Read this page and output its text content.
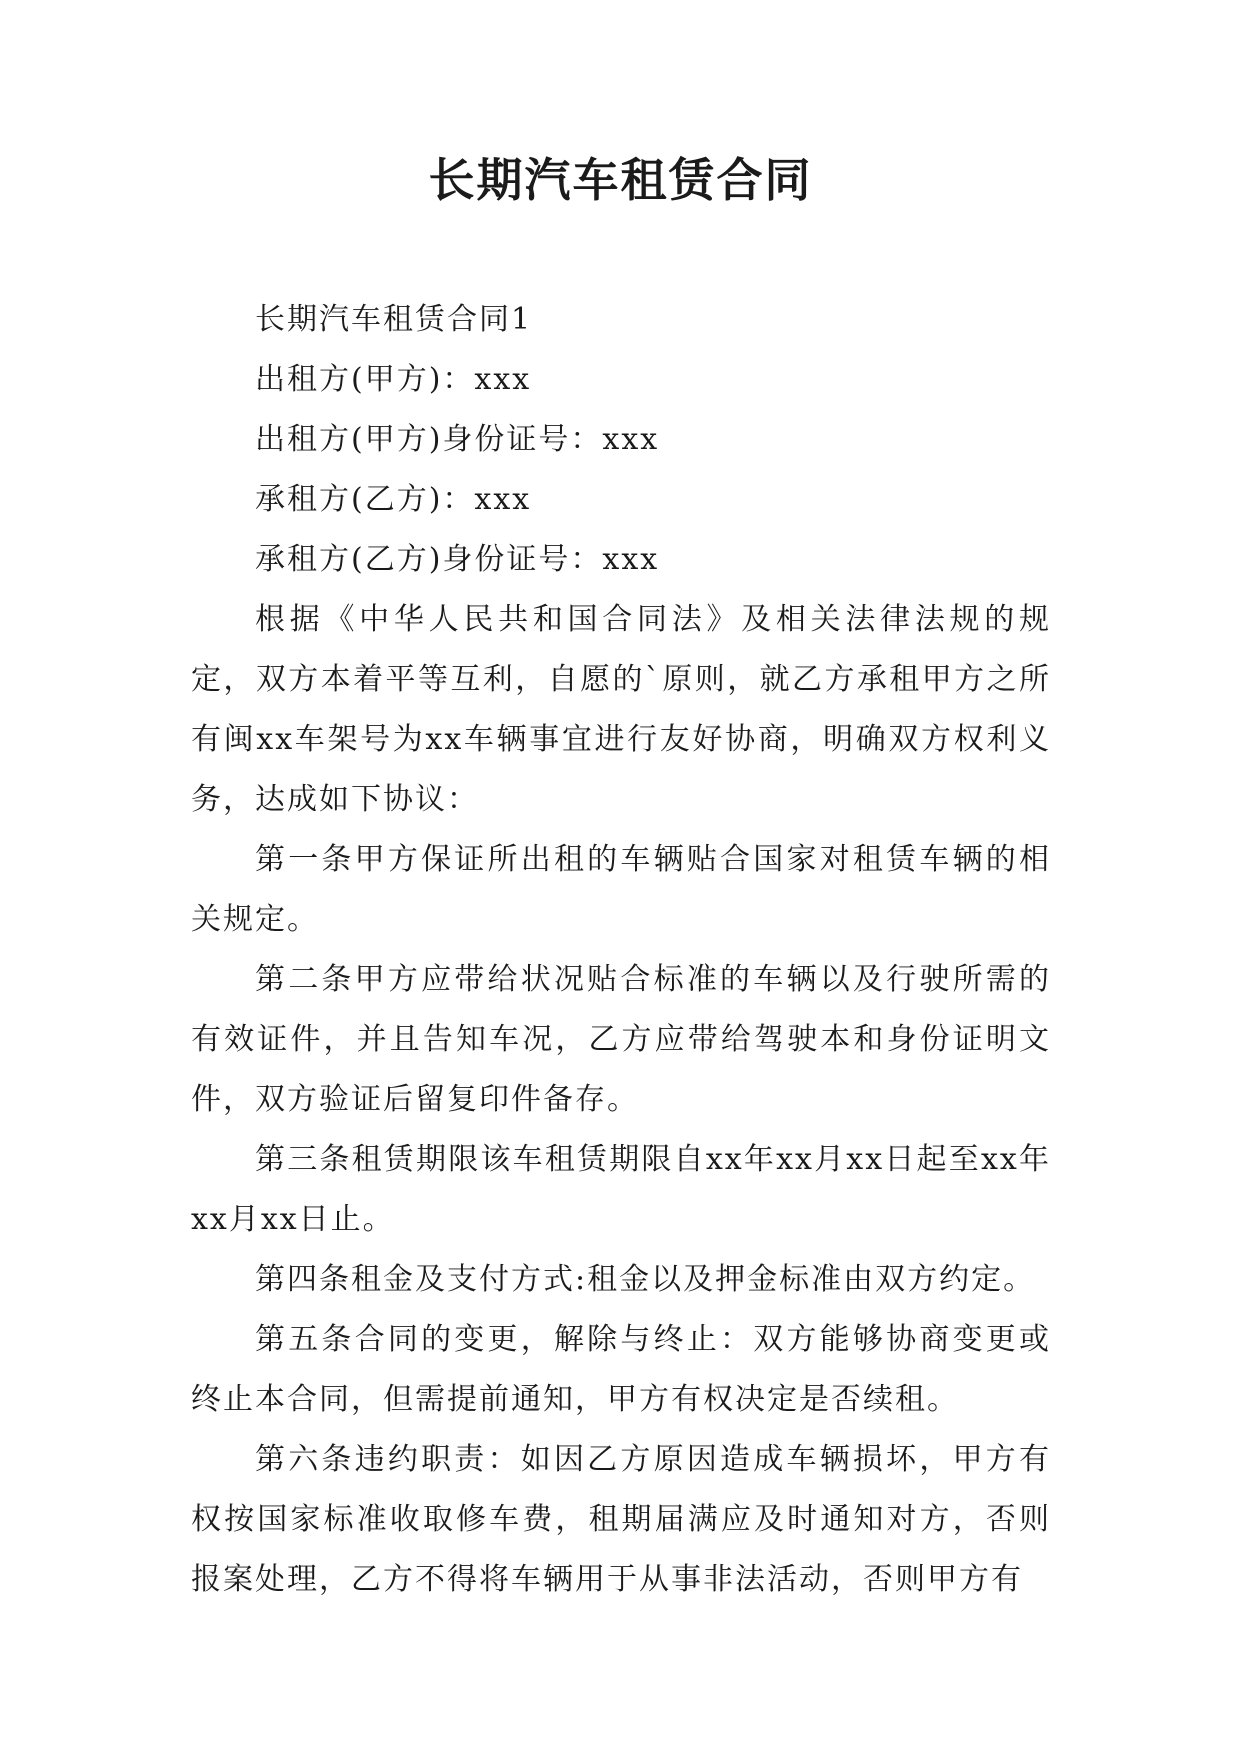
长期汽车租赁合同

长期汽车租赁合同1

出租方(甲方)：xxx

出租方(甲方)身份证号：xxx

承租方(乙方)：xxx

承租方(乙方)身份证号：xxx

根据《中华人民共和国合同法》及相关法律法规的规定，双方本着平等互利，自愿的`原则，就乙方承租甲方之所有闽xx车架号为xx车辆事宜进行友好协商，明确双方权利义务，达成如下协议：

第一条甲方保证所出租的车辆贴合国家对租赁车辆的相关规定。

第二条甲方应带给状况贴合标准的车辆以及行驶所需的有效证件，并且告知车况，乙方应带给驾驶本和身份证明文件，双方验证后留复印件备存。

第三条租赁期限该车租赁期限自xx年xx月xx日起至xx年xx月xx日止。

第四条租金及支付方式:租金以及押金标准由双方约定。

第五条合同的变更，解除与终止：双方能够协商变更或终止本合同，但需提前通知，甲方有权决定是否续租。

第六条违约职责：如因乙方原因造成车辆损坏，甲方有权按国家标准收取修车费，租期届满应及时通知对方，否则报案处理，乙方不得将车辆用于从事非法活动，否则甲方有
